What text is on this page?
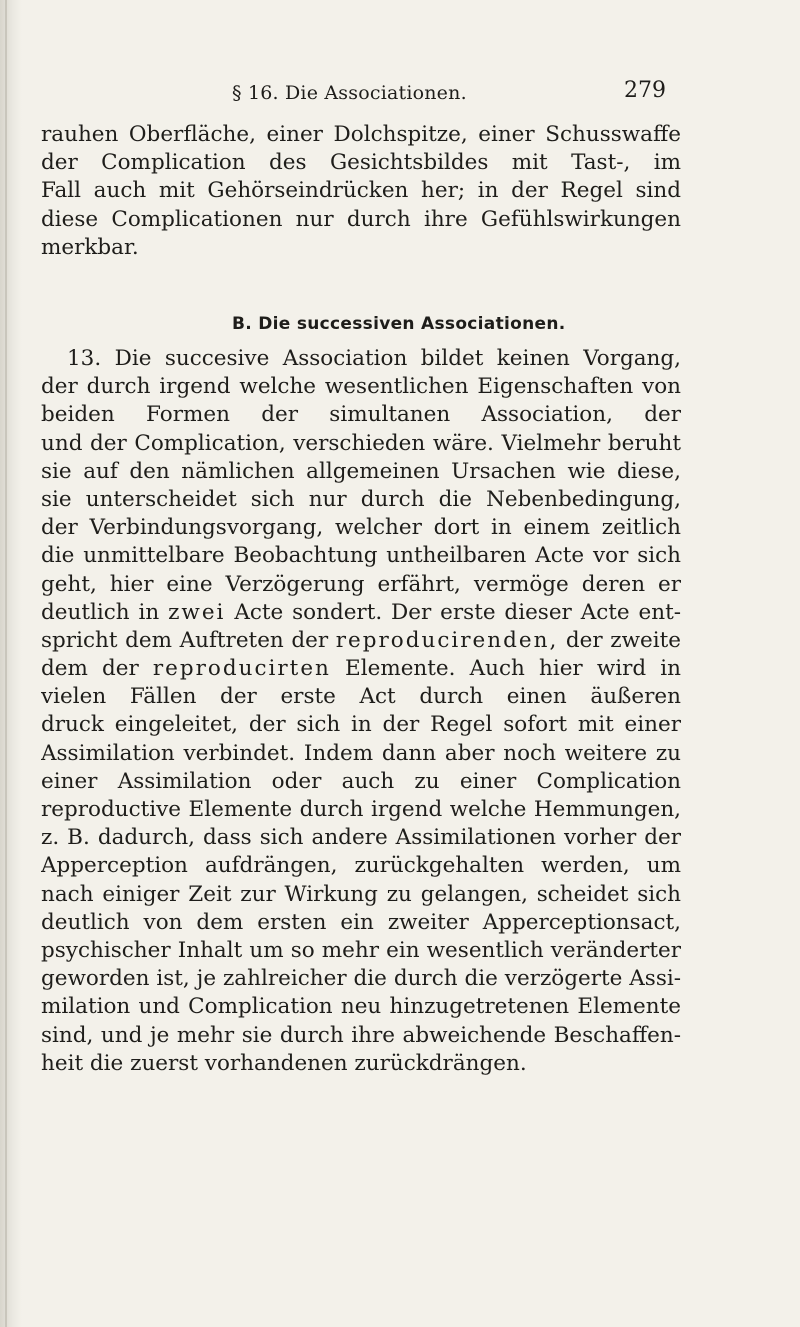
§ 16. Die Associationen.	279
rauhen Oberfläche, einer Dolchspitze, einer Schusswaffe
der Complication des Gesichtsbildes mit Tast-, im
Fall auch mit Gehörseindrücken her; in der Regel sind
diese Complicationen nur durch ihre Gefühlswirkungen
merkbar.
B. Die successiven Associationen.
13. Die succesive Association bildet keinen Vorgang,
der durch irgend welche wesentlichen Eigenschaften von
beiden Formen der simultanen Association, der
und der Complication, verschieden wäre. Vielmehr beruht
sie auf den nämlichen allgemeinen Ursachen wie diese,
sie unterscheidet sich nur durch die Nebenbedingung,
der Verbindungsvorgang, welcher dort in einem zeitlich
die unmittelbare Beobachtung untheilbaren Acte vor sich
geht, hier eine Verzögerung erfährt, vermöge deren er
deutlich in zwei Acte sondert. Der erste dieser Acte ent-
spricht dem Auftreten der reproducirenden, der zweite
dem der reproducirten Elemente. Auch hier wird in
vielen Fällen der erste Act durch einen äußeren
druck eingeleitet, der sich in der Regel sofort mit einer
Assimilation verbindet. Indem dann aber noch weitere zu
einer Assimilation oder auch zu einer Complication
reproductive Elemente durch irgend welche Hemmungen,
z. B. dadurch, dass sich andere Assimilationen vorher der
Apperception aufdrängen, zurückgehalten werden, um
nach einiger Zeit zur Wirkung zu gelangen, scheidet sich
deutlich von dem ersten ein zweiter Apperceptionsact,
psychischer Inhalt um so mehr ein wesentlich veränderter
geworden ist, je zahlreicher die durch die verzögerte Assi-
milation und Complication neu hinzugetretenen Elemente
sind, und je mehr sie durch ihre abweichende Beschaffen-
heit die zuerst vorhandenen zurückdrängen.
